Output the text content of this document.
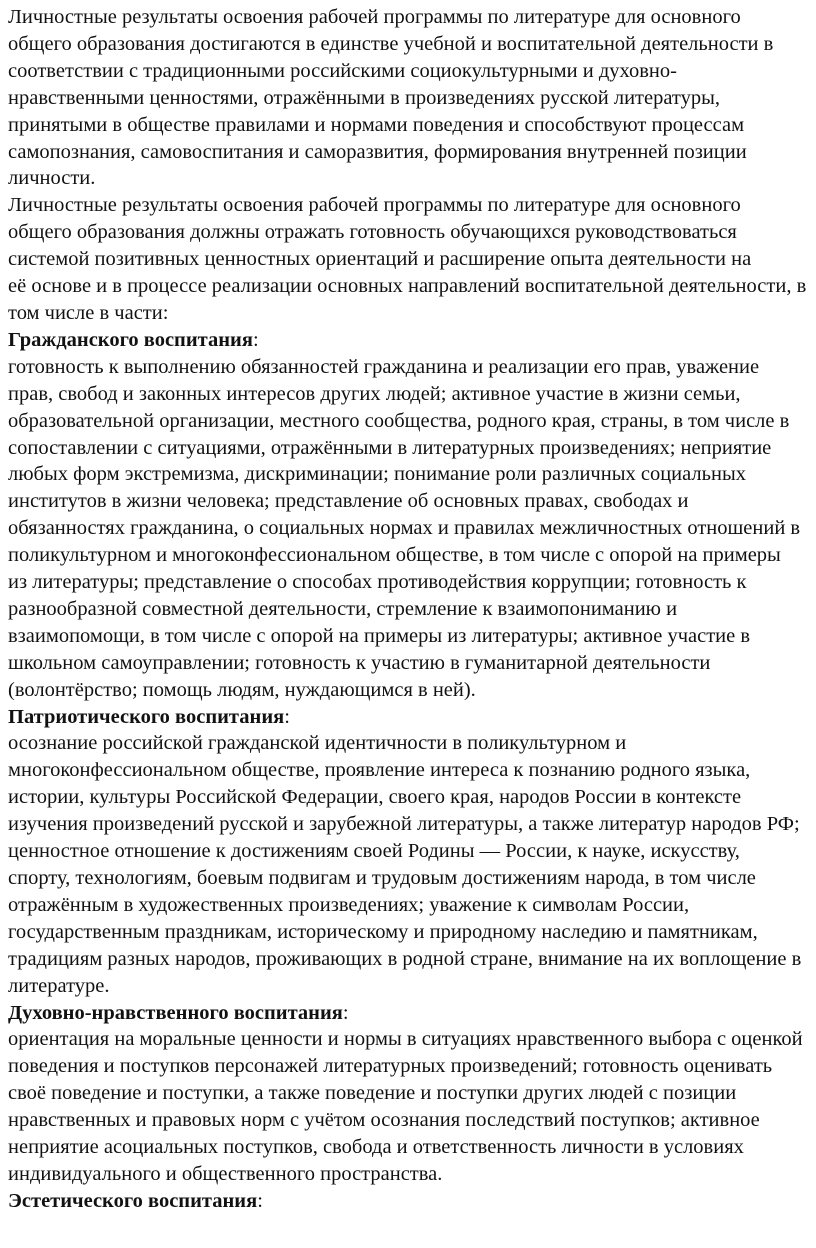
Личностные результаты освоения рабочей программы по литературе для основного
общего образования достигаются в единстве учебной и воспитательной деятельности в
соответствии с традиционными российскими социокультурными и духовно-
нравственными ценностями, отражёнными в произведениях русской литературы,
принятыми в обществе правилами и нормами поведения и способствуют процессам
самопознания, самовоспитания и саморазвития, формирования внутренней позиции
личности.

Личностные результаты освоения рабочей программы по литературе для основного
общего образования должны отражать готовность обучающихся руководствоваться
системой позитивных ценностных ориентаций и расширение опыта деятельности на
её основе и в процессе реализации основных направлений воспитательной деятельности, в
том числе в части:

Гражданского воспитания:

готовность к выполнению обязанностей гражданина и реализации его прав, уважение
прав, свобод и законных интересов других людей; активное участие в жизни семьи,
образовательной организации, местного сообщества, родного края, страны, в том числе в
сопоставлении с ситуациями, отражёнными в литературных произведениях; неприятие
любых форм экстремизма, дискриминации; понимание роли различных социальных
институтов в жизни человека; представление об основных правах, свободах и
обязанностях гражданина, о социальных нормах и правилах межличностных отношений в
поликультурном и многоконфессиональном обществе, в том числе с опорой на примеры
из литературы; представление о способах противодействия коррупции; готовность к
разнообразной совместной деятельности, стремление к взаимопониманию и
взаимопомощи, в том числе с опорой на примеры из литературы; активное участие в
школьном самоуправлении; готовность к участию в гуманитарной деятельности
(волонтёрство; помощь людям, нуждающимся в ней).

Патриотического воспитания:

осознание российской гражданской идентичности в поликультурном и
многоконфессиональном обществе, проявление интереса к познанию родного языка,
истории, культуры Российской Федерации, своего края, народов России в контексте
изучения произведений русской и зарубежной литературы, а также литератур народов РФ;
ценностное отношение к достижениям своей Родины — России, к науке, искусству,
спорту, технологиям, боевым подвигам и трудовым достижениям народа, в том числе
отражённым в художественных произведениях; уважение к символам России,
государственным праздникам, историческому и природному наследию и памятникам,
традициям разных народов, проживающих в родной стране, внимание на их воплощение в
литературе.

Духовно-нравственного воспитания:

ориентация на моральные ценности и нормы в ситуациях нравственного выбора с оценкой
поведения и поступков персонажей литературных произведений; готовность оценивать
своё поведение и поступки, а также поведение и поступки других людей с позиции
нравственных и правовых норм с учётом осознания последствий поступков; активное
неприятие асоциальных поступков, свобода и ответственность личности в условиях
индивидуального и общественного пространства.

Эстетического воспитания:
